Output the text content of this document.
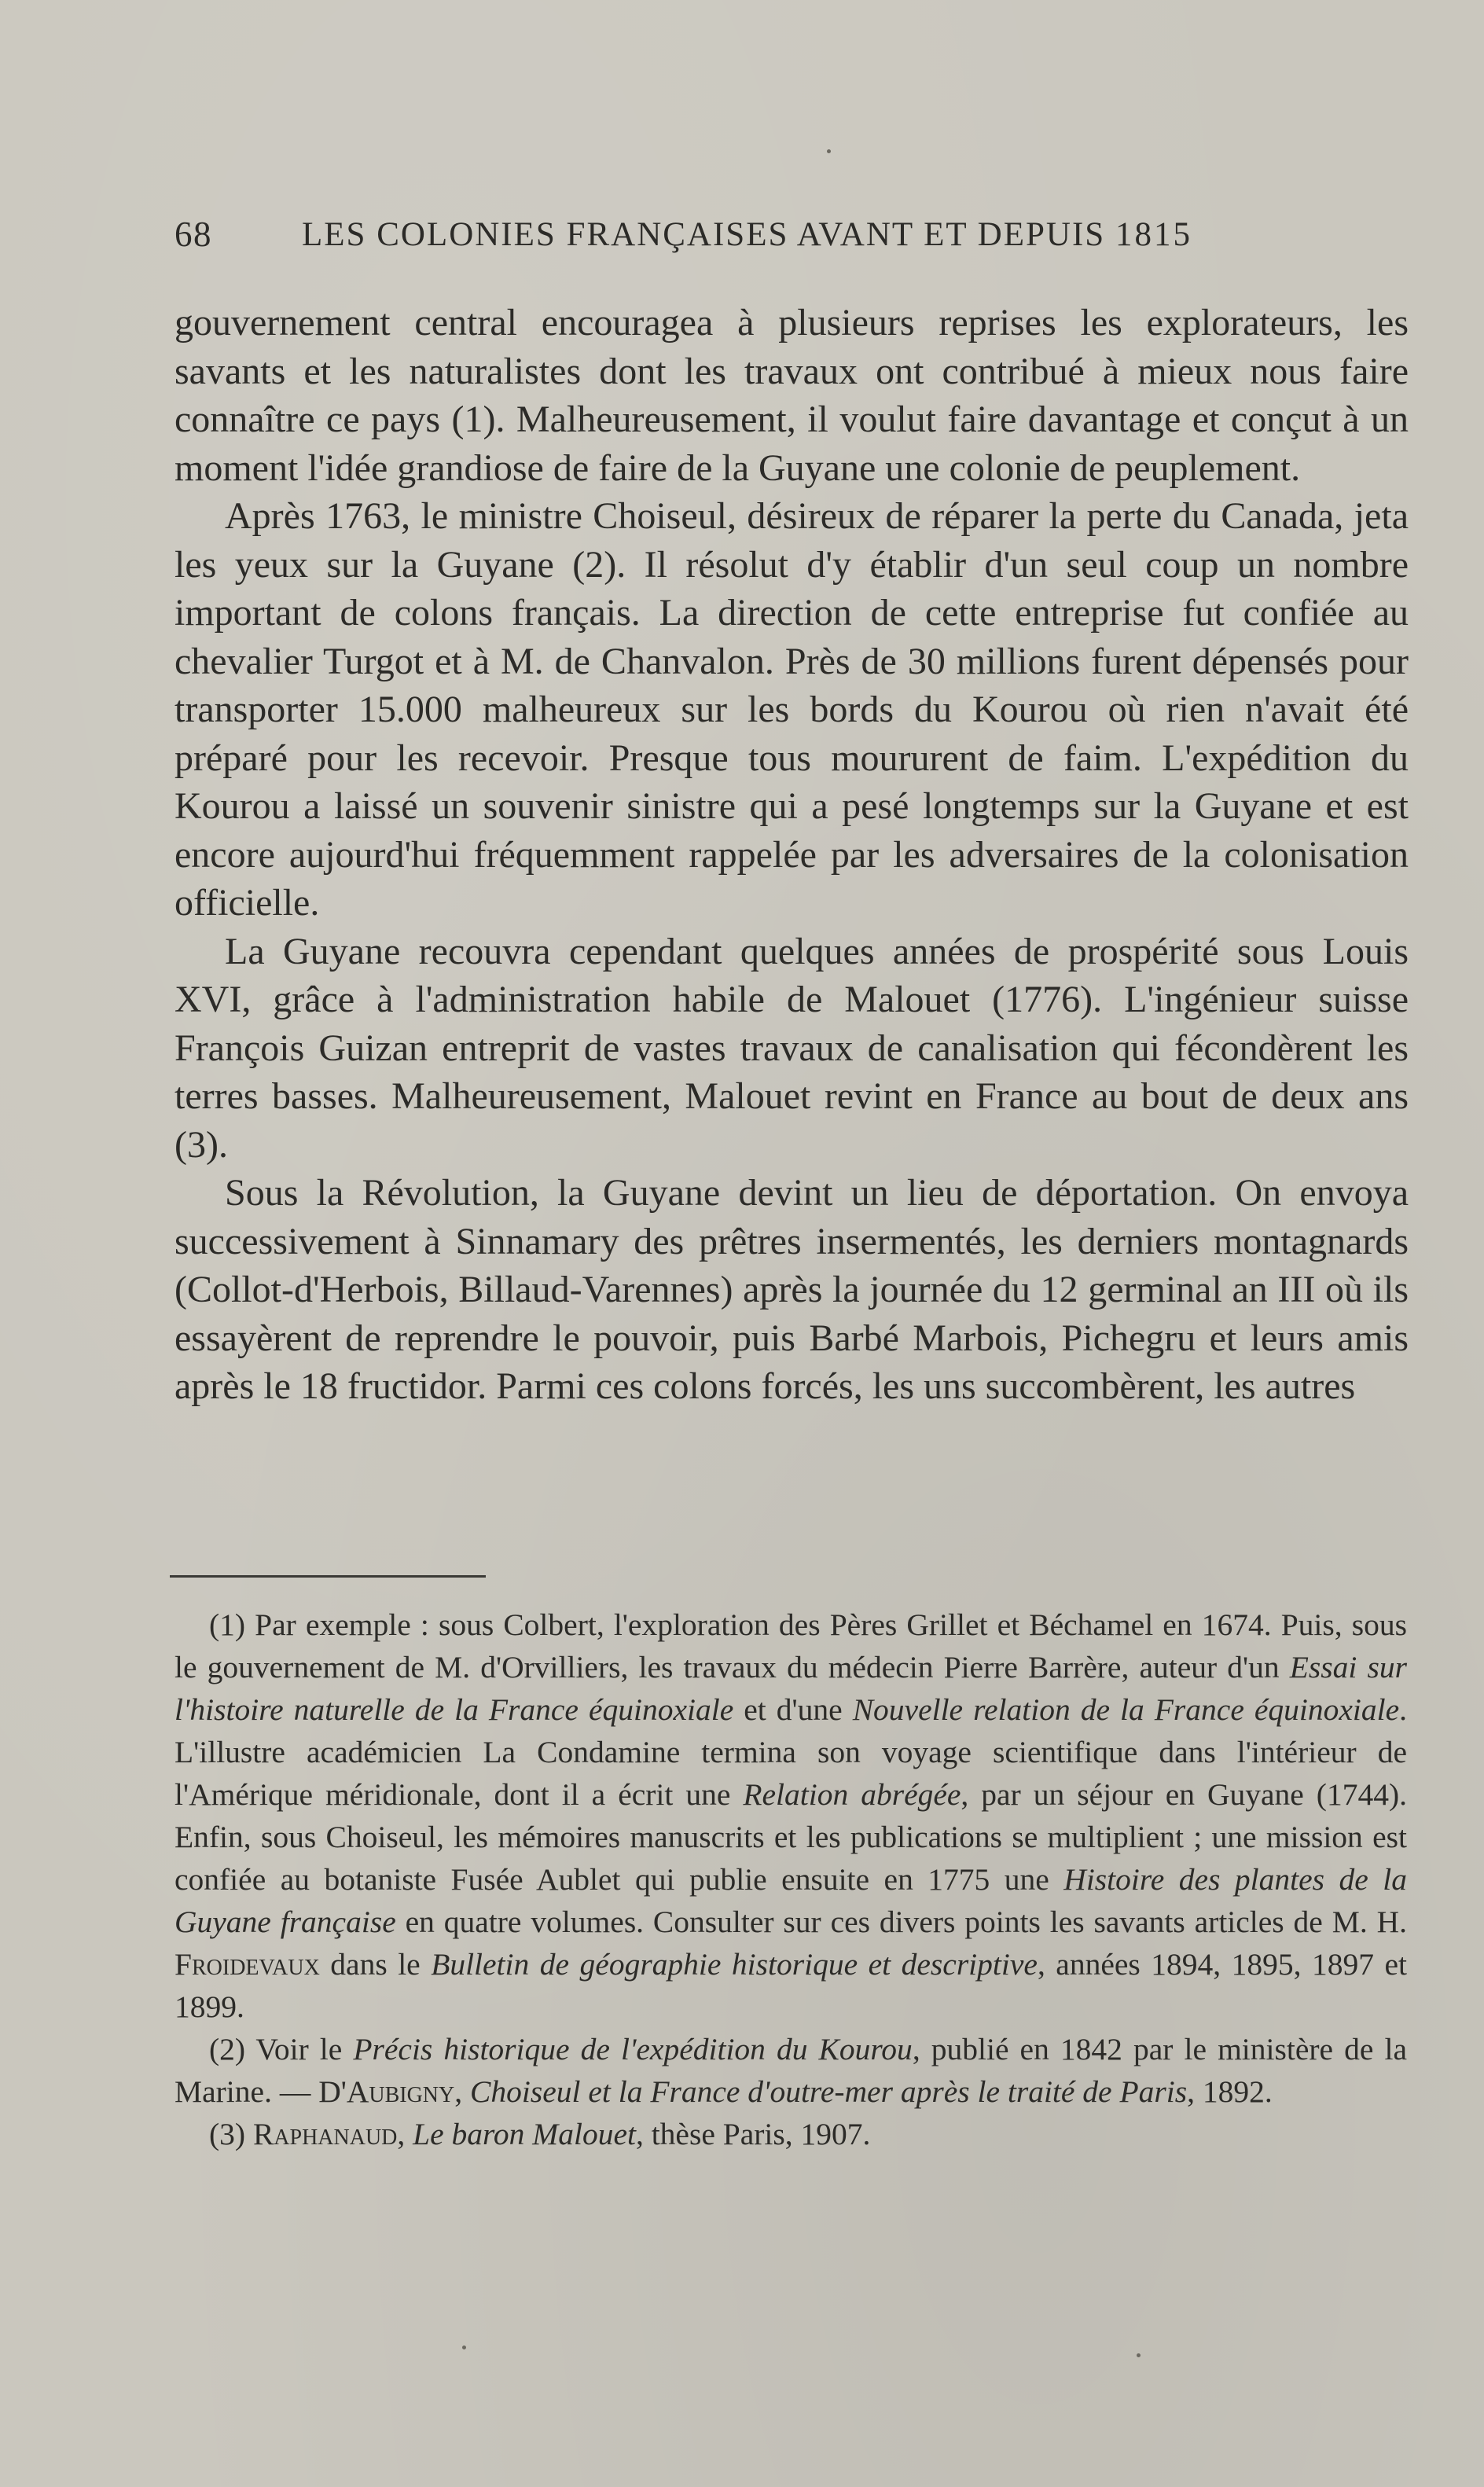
68	LES COLONIES FRANÇAISES AVANT ET DEPUIS 1815

gouvernement central encouragea à plusieurs reprises les explorateurs, les savants et les naturalistes dont les travaux ont contribué à mieux nous faire connaître ce pays (1). Malheureusement, il voulut faire davantage et conçut à un moment l'idée grandiose de faire de la Guyane une colonie de peuplement.

Après 1763, le ministre Choiseul, désireux de réparer la perte du Canada, jeta les yeux sur la Guyane (2). Il résolut d'y établir d'un seul coup un nombre important de colons français. La direction de cette entreprise fut confiée au chevalier Turgot et à M. de Chanvalon. Près de 30 millions furent dépensés pour transporter 15.000 malheureux sur les bords du Kourou où rien n'avait été préparé pour les recevoir. Presque tous moururent de faim. L'expédition du Kourou a laissé un souvenir sinistre qui a pesé longtemps sur la Guyane et est encore aujourd'hui fréquemment rappelée par les adversaires de la colonisation officielle.

La Guyane recouvra cependant quelques années de prospérité sous Louis XVI, grâce à l'administration habile de Malouet (1776). L'ingénieur suisse François Guizan entreprit de vastes travaux de canalisation qui fécondèrent les terres basses. Malheureusement, Malouet revint en France au bout de deux ans (3).

Sous la Révolution, la Guyane devint un lieu de déportation. On envoya successivement à Sinnamary des prêtres insermentés, les derniers montagnards (Collot-d'Herbois, Billaud-Varennes) après la journée du 12 germinal an III où ils essayèrent de reprendre le pouvoir, puis Barbé Marbois, Pichegru et leurs amis après le 18 fructidor. Parmi ces colons forcés, les uns succombèrent, les autres

(1) Par exemple : sous Colbert, l'exploration des Pères Grillet et Béchamel en 1674. Puis, sous le gouvernement de M. d'Orvilliers, les travaux du médecin Pierre Barrère, auteur d'un Essai sur l'histoire naturelle de la France équinoxiale et d'une Nouvelle relation de la France équinoxiale. L'illustre académicien La Condamine termina son voyage scientifique dans l'intérieur de l'Amérique méridionale, dont il a écrit une Relation abrégée, par un séjour en Guyane (1744). Enfin, sous Choiseul, les mémoires manuscrits et les publications se multiplient ; une mission est confiée au botaniste Fusée Aublet qui publie ensuite en 1775 une Histoire des plantes de la Guyane française en quatre volumes. Consulter sur ces divers points les savants articles de M. H. Froidevaux dans le Bulletin de géographie historique et descriptive, années 1894, 1895, 1897 et 1899.

(2) Voir le Précis historique de l'expédition du Kourou, publié en 1842 par le ministère de la Marine. — D'Aubigny, Choiseul et la France d'outre-mer après le traité de Paris, 1892.

(3) Raphanaud, Le baron Malouet, thèse Paris, 1907.
